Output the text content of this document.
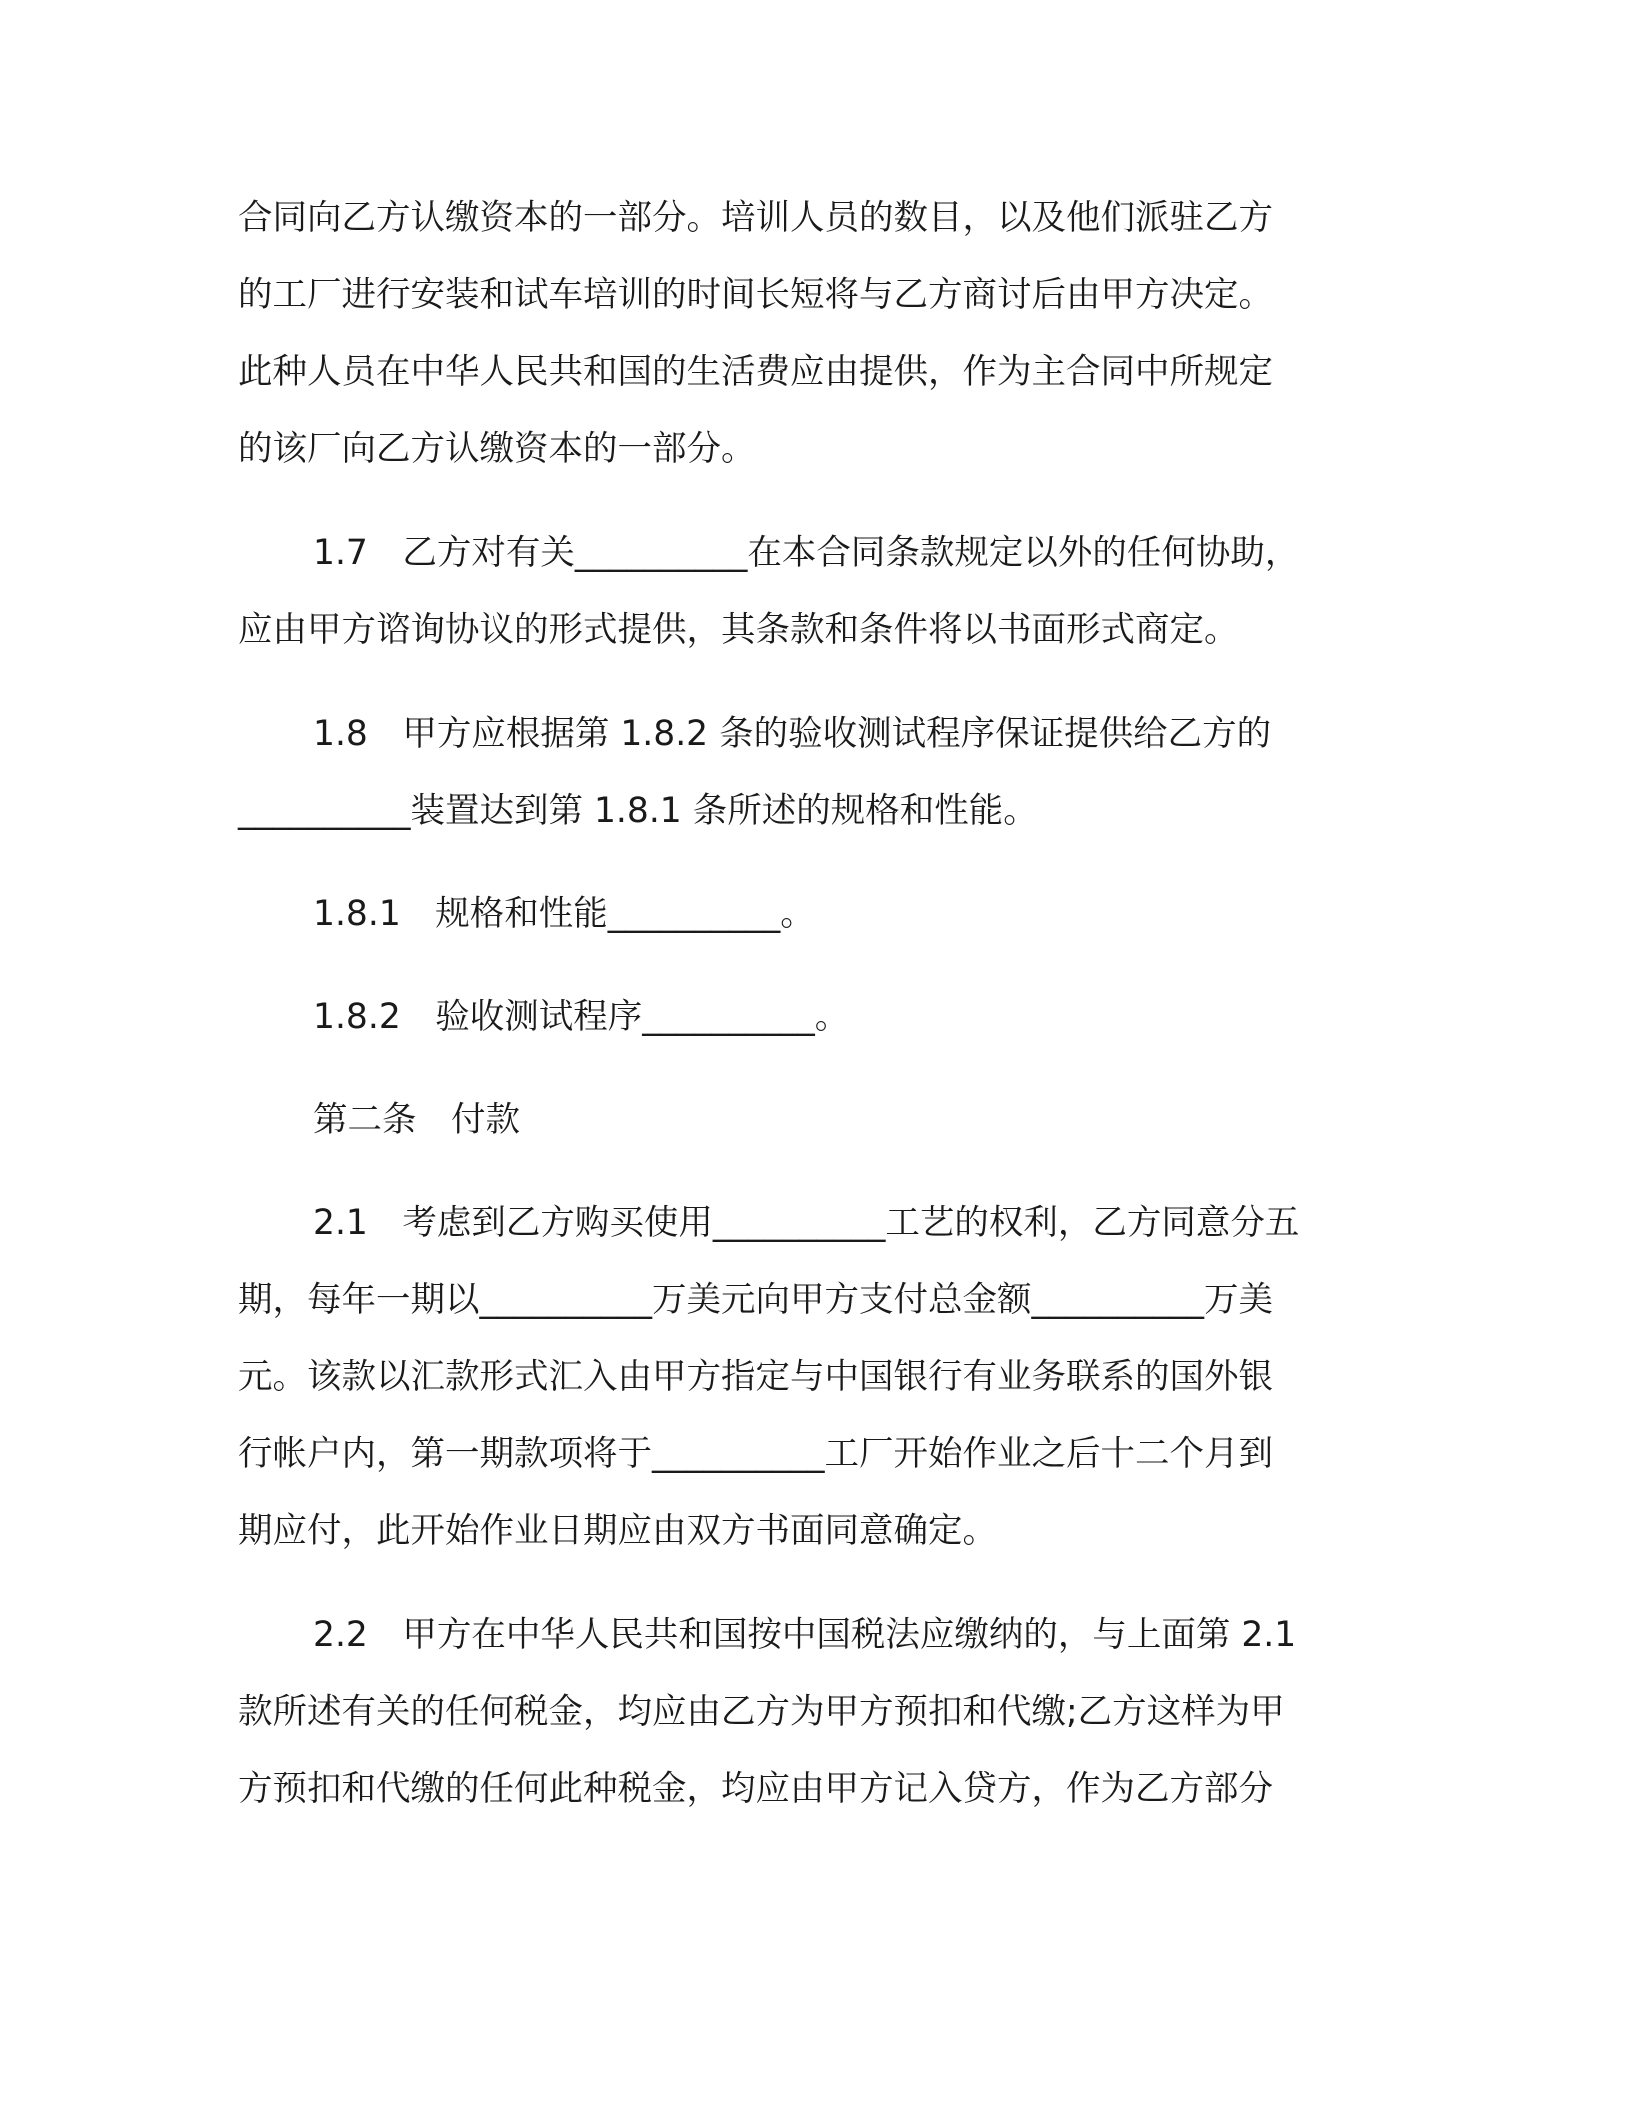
合同向乙方认缴资本的一部分。培训人员的数目，以及他们派驻乙方
的工厂进行安装和试车培训的时间长短将与乙方商讨后由甲方决定。
此种人员在中华人民共和国的生活费应由提供，作为主合同中所规定
的该厂向乙方认缴资本的一部分。

1.7　乙方对有关__________在本合同条款规定以外的任何协助，
应由甲方谘询协议的形式提供，其条款和条件将以书面形式商定。

1.8　甲方应根据第 1.8.2 条的验收测试程序保证提供给乙方的
__________装置达到第 1.8.1 条所述的规格和性能。

1.8.1　规格和性能__________。

1.8.2　验收测试程序__________。

第二条　付款

2.1　考虑到乙方购买使用__________工艺的权利，乙方同意分五
期，每年一期以__________万美元向甲方支付总金额__________万美
元。该款以汇款形式汇入由甲方指定与中国银行有业务联系的国外银
行帐户内，第一期款项将于__________工厂开始作业之后十二个月到
期应付，此开始作业日期应由双方书面同意确定。

2.2　甲方在中华人民共和国按中国税法应缴纳的，与上面第 2.1
款所述有关的任何税金，均应由乙方为甲方预扣和代缴;乙方这样为甲
方预扣和代缴的任何此种税金，均应由甲方记入贷方，作为乙方部分
